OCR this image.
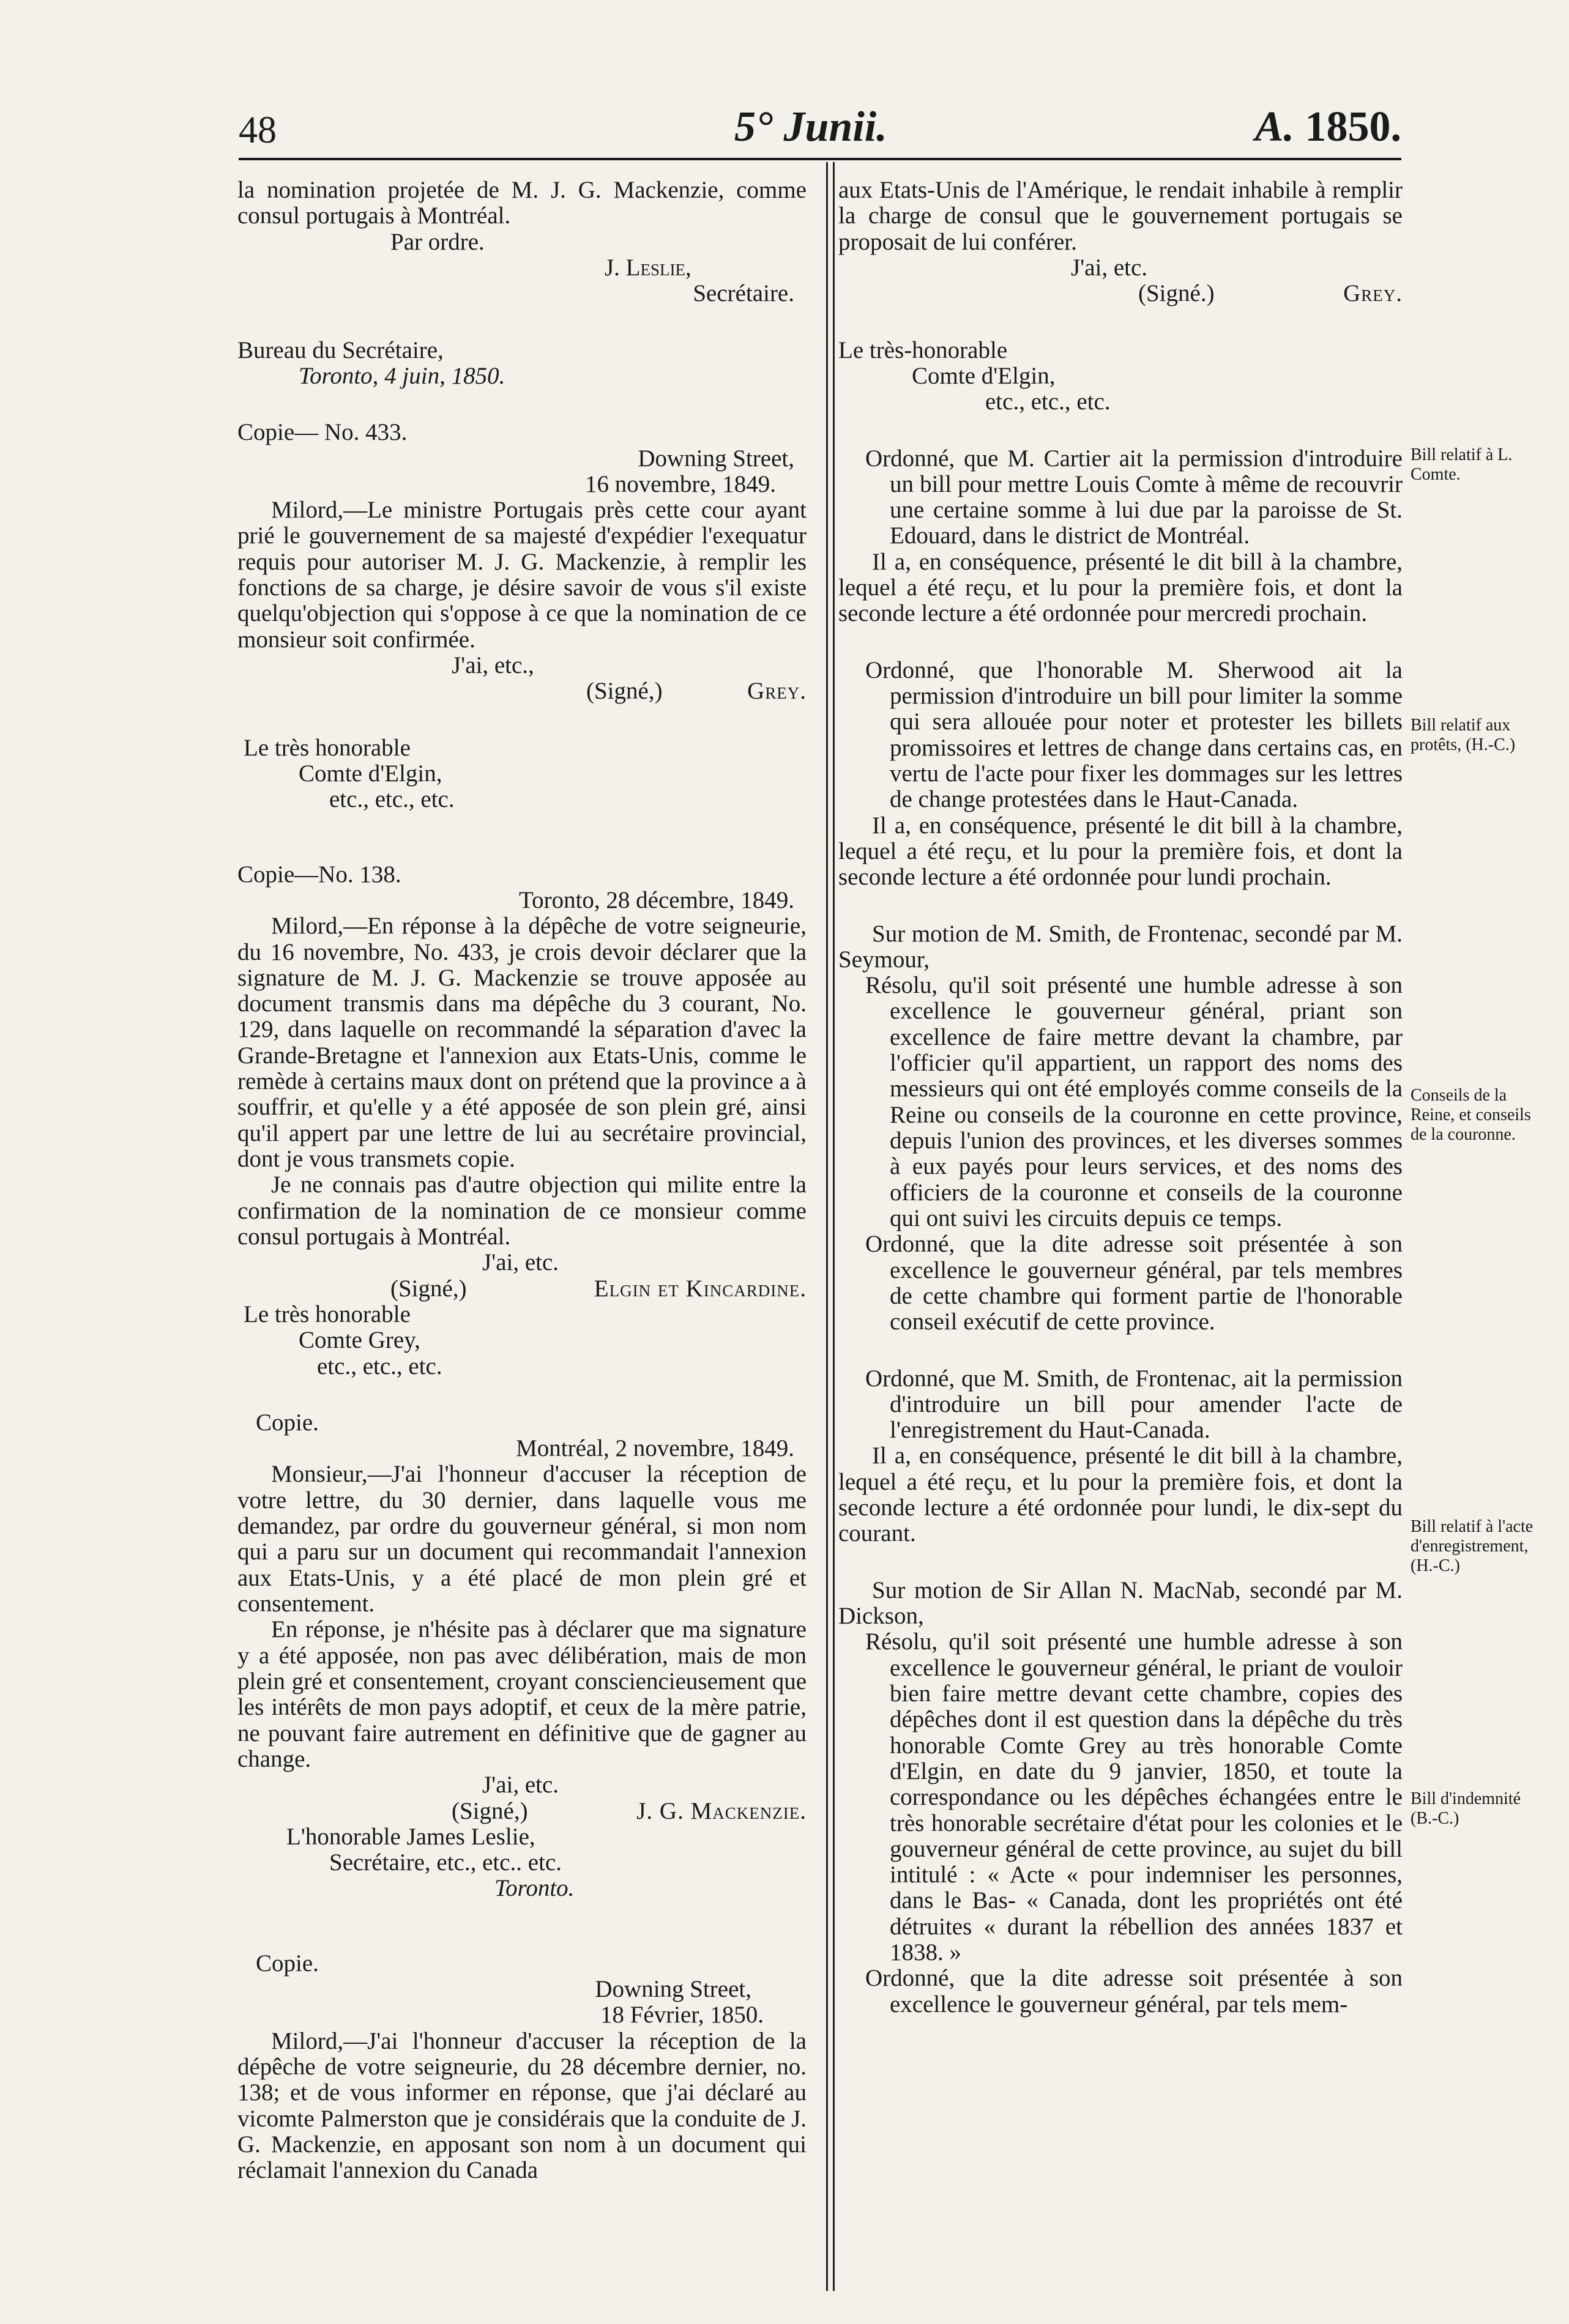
48	5° Junii.	A. 1850.

la nomination projetée de M. J. G. Mackenzie, comme consul portugais à Montréal.

Par ordre.

J. Leslie,

Secrétaire.

Bureau du Secrétaire,

Toronto, 4 juin, 1850.

Copie— No. 433.

Downing Street,

16 novembre, 1849.

Milord,—Le ministre Portugais près cette cour ayant prié le gouvernement de sa majesté d'expédier l'exequatur requis pour autoriser M. J. G. Mackenzie, à remplir les fonctions de sa charge, je désire savoir de vous s'il existe quelqu'objection qui s'oppose à ce que la nomination de ce monsieur soit confirmée.

J'ai, etc.,

(Signé,)	Grey.

Le très honorable

Comte d'Elgin,

etc., etc., etc.

Copie—No. 138.

Toronto, 28 décembre, 1849.

Milord,—En réponse à la dépêche de votre seigneurie, du 16 novembre, No. 433, je crois devoir déclarer que la signature de M. J. G. Mackenzie se trouve apposée au document transmis dans ma dépêche du 3 courant, No. 129, dans laquelle on recommandé la séparation d'avec la Grande-Bretagne et l'annexion aux Etats-Unis, comme le remède à certains maux dont on prétend que la province a à souffrir, et qu'elle y a été apposée de son plein gré, ainsi qu'il appert par une lettre de lui au secrétaire provincial, dont je vous transmets copie.

Je ne connais pas d'autre objection qui milite entre la confirmation de la nomination de ce monsieur comme consul portugais à Montréal.

J'ai, etc.

(Signé,)	Elgin et Kincardine.

Le très honorable

Comte Grey,

etc., etc., etc.

Copie.

Montréal, 2 novembre, 1849.

Monsieur,—J'ai l'honneur d'accuser la réception de votre lettre, du 30 dernier, dans laquelle vous me demandez, par ordre du gouverneur général, si mon nom qui a paru sur un document qui recommandait l'annexion aux Etats-Unis, y a été placé de mon plein gré et consentement.

En réponse, je n'hésite pas à déclarer que ma signature y a été apposée, non pas avec délibération, mais de mon plein gré et consentement, croyant consciencieusement que les intérêts de mon pays adoptif, et ceux de la mère patrie, ne pouvant faire autrement en définitive que de gagner au change.

J'ai, etc.

(Signé,)	J. G. Mackenzie.

L'honorable James Leslie,

Secrétaire, etc., etc.. etc.

Toronto.

Copie.

Downing Street,

18 Février, 1850.

Milord,—J'ai l'honneur d'accuser la réception de la dépêche de votre seigneurie, du 28 décembre dernier, no. 138; et de vous informer en réponse, que j'ai déclaré au vicomte Palmerston que je considérais que la conduite de J. G. Mackenzie, en apposant son nom à un document qui réclamait l'annexion du Canada

aux Etats-Unis de l'Amérique, le rendait inhabile à remplir la charge de consul que le gouvernement portugais se proposait de lui conférer.

J'ai, etc.

(Signé.)	Grey.

Le très-honorable

Comte d'Elgin,

etc., etc., etc.

Ordonné, que M. Cartier ait la permission d'introduire un bill pour mettre Louis Comte à même de recouvrir une certaine somme à lui due par la paroisse de St. Edouard, dans le district de Montréal.

Il a, en conséquence, présenté le dit bill à la chambre, lequel a été reçu, et lu pour la première fois, et dont la seconde lecture a été ordonnée pour mercredi prochain.

Ordonné, que l'honorable M. Sherwood ait la permission d'introduire un bill pour limiter la somme qui sera allouée pour noter et protester les billets promissoires et lettres de change dans certains cas, en vertu de l'acte pour fixer les dommages sur les lettres de change protestées dans le Haut-Canada.

Il a, en conséquence, présenté le dit bill à la chambre, lequel a été reçu, et lu pour la première fois, et dont la seconde lecture a été ordonnée pour lundi prochain.

Sur motion de M. Smith, de Frontenac, secondé par M. Seymour,

Résolu, qu'il soit présenté une humble adresse à son excellence le gouverneur général, priant son excellence de faire mettre devant la chambre, par l'officier qu'il appartient, un rapport des noms des messieurs qui ont été employés comme conseils de la Reine ou conseils de la couronne en cette province, depuis l'union des provinces, et les diverses sommes à eux payés pour leurs services, et des noms des officiers de la couronne et conseils de la couronne qui ont suivi les circuits depuis ce temps.

Ordonné, que la dite adresse soit présentée à son excellence le gouverneur général, par tels membres de cette chambre qui forment partie de l'honorable conseil exécutif de cette province.

Ordonné, que M. Smith, de Frontenac, ait la permission d'introduire un bill pour amender l'acte de l'enregistrement du Haut-Canada.

Il a, en conséquence, présenté le dit bill à la chambre, lequel a été reçu, et lu pour la première fois, et dont la seconde lecture a été ordonnée pour lundi, le dix-sept du courant.

Sur motion de Sir Allan N. MacNab, secondé par M. Dickson,

Résolu, qu'il soit présenté une humble adresse à son excellence le gouverneur général, le priant de vouloir bien faire mettre devant cette chambre, copies des dépêches dont il est question dans la dépêche du très honorable Comte Grey au très honorable Comte d'Elgin, en date du 9 janvier, 1850, et toute la correspondance ou les dépêches échangées entre le très honorable secrétaire d'état pour les colonies et le gouverneur général de cette province, au sujet du bill intitulé : « Acte « pour indemniser les personnes, dans le Bas- « Canada, dont les propriétés ont été détruites « durant la rébellion des années 1837 et 1838. »

Ordonné, que la dite adresse soit présentée à son excellence le gouverneur général, par tels mem-

Bill relatif à L. Comte.
Bill relatif aux protêts, (H.-C.)
Conseils de la Reine, et conseils de la couronne.
Bill relatif à l'acte d'enregistrement, (H.-C.)
Bill d'indemnité (B.-C.)
